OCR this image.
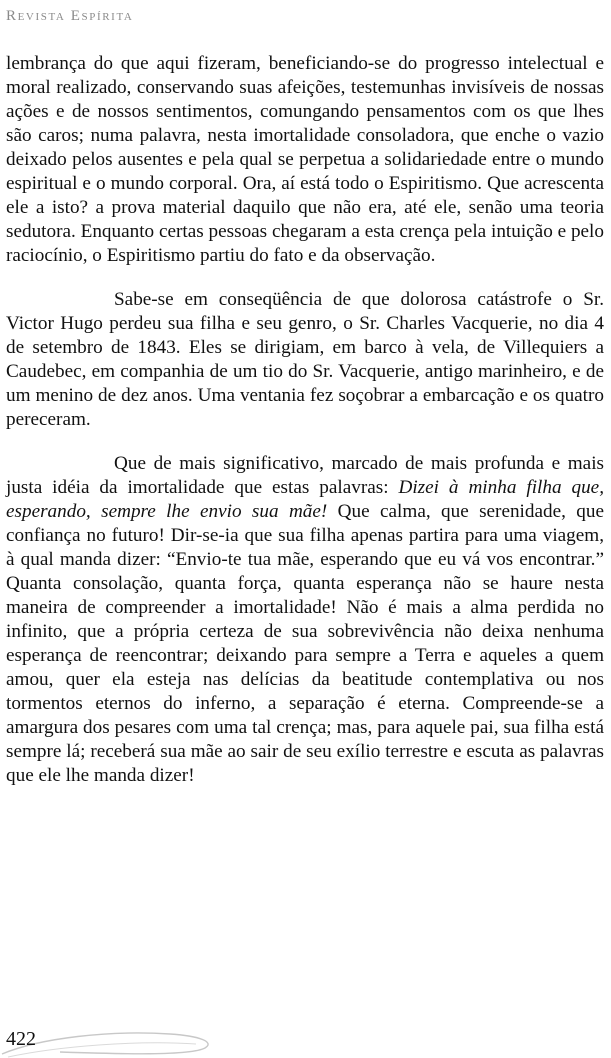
Revista Espírita

lembrança do que aqui fizeram, beneficiando-se do progresso intelectual e moral realizado, conservando suas afeições, testemunhas invisíveis de nossas ações e de nossos sentimentos, comungando pensamentos com os que lhes são caros; numa palavra, nesta imortalidade consoladora, que enche o vazio deixado pelos ausentes e pela qual se perpetua a solidariedade entre o mundo espiritual e o mundo corporal. Ora, aí está todo o Espiritismo. Que acrescenta ele a isto? a prova material daquilo que não era, até ele, senão uma teoria sedutora. Enquanto certas pessoas chegaram a esta crença pela intuição e pelo raciocínio, o Espiritismo partiu do fato e da observação.

Sabe-se em conseqüência de que dolorosa catástrofe o Sr. Victor Hugo perdeu sua filha e seu genro, o Sr. Charles Vacquerie, no dia 4 de setembro de 1843. Eles se dirigiam, em barco à vela, de Villequiers a Caudebec, em companhia de um tio do Sr. Vacquerie, antigo marinheiro, e de um menino de dez anos. Uma ventania fez soçobrar a embarcação e os quatro pereceram.

Que de mais significativo, marcado de mais profunda e mais justa idéia da imortalidade que estas palavras: Dizei à minha filha que, esperando, sempre lhe envio sua mãe! Que calma, que serenidade, que confiança no futuro! Dir-se-ia que sua filha apenas partira para uma viagem, à qual manda dizer: “Envio-te tua mãe, esperando que eu vá vos encontrar.” Quanta consolação, quanta força, quanta esperança não se haure nesta maneira de compreender a imortalidade! Não é mais a alma perdida no infinito, que a própria certeza de sua sobrevivência não deixa nenhuma esperança de reencontrar; deixando para sempre a Terra e aqueles a quem amou, quer ela esteja nas delícias da beatitude contemplativa ou nos tormentos eternos do inferno, a separação é eterna. Compreende-se a amargura dos pesares com uma tal crença; mas, para aquele pai, sua filha está sempre lá; receberá sua mãe ao sair de seu exílio terrestre e escuta as palavras que ele lhe manda dizer!

422
